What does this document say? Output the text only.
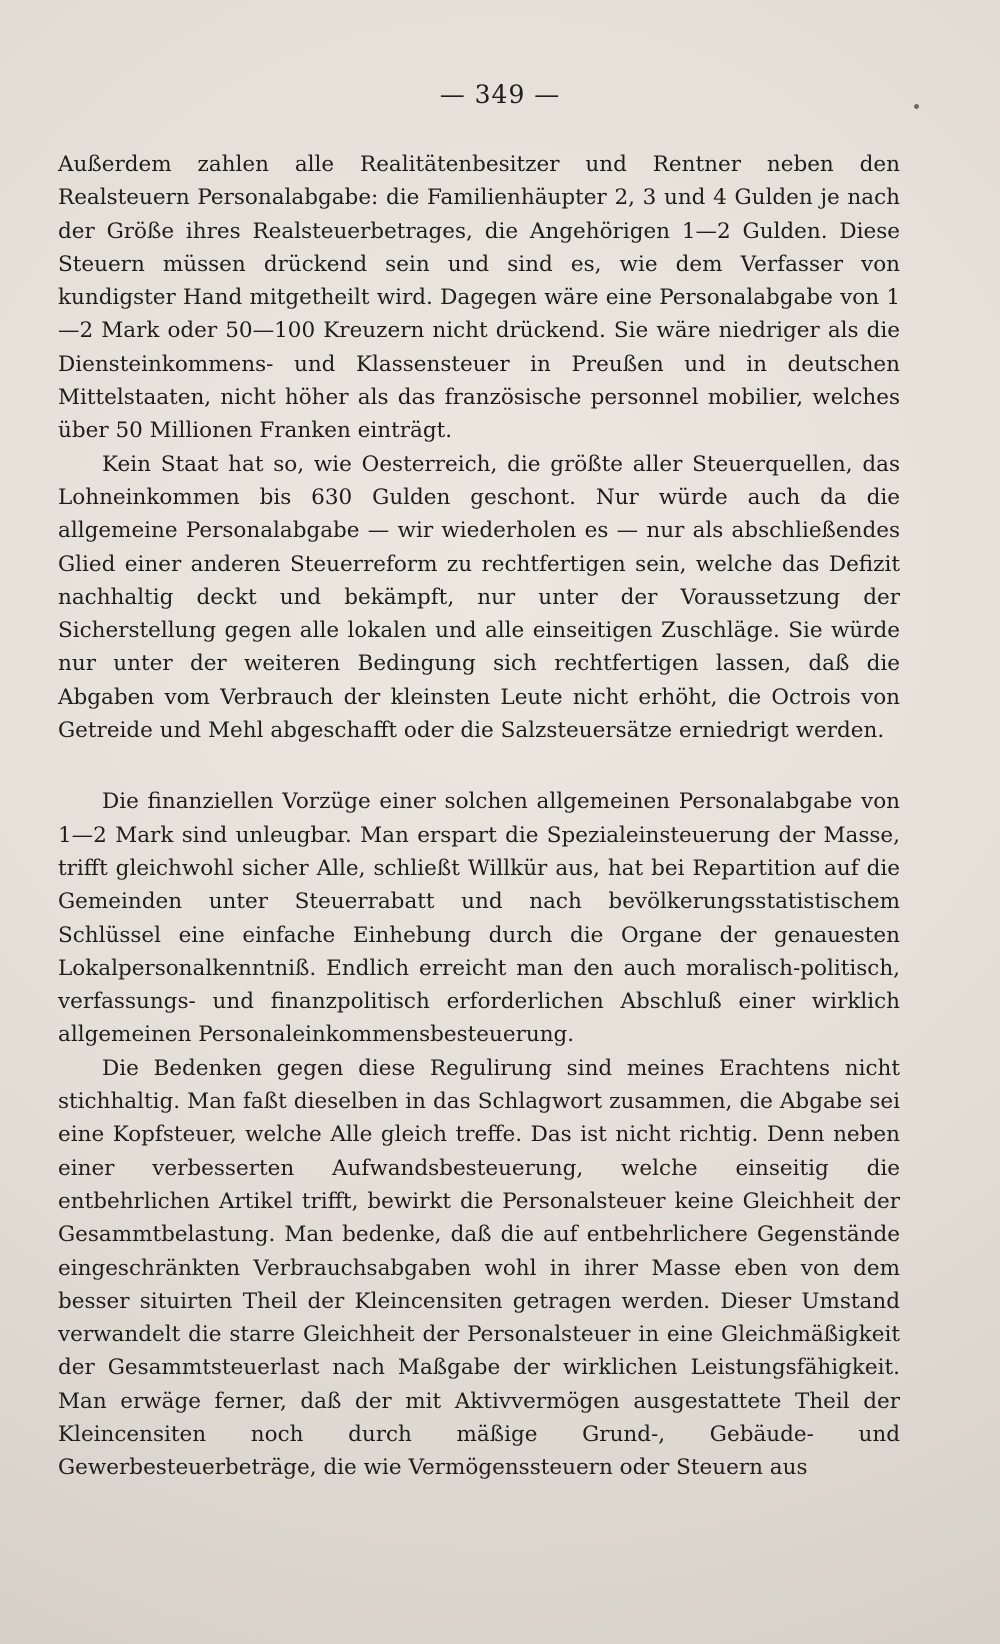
— 349 —

Außerdem zahlen alle Realitätenbesitzer und Rentner neben den Realsteuern Personalabgabe: die Familienhäupter 2, 3 und 4 Gulden je nach der Größe ihres Realsteuerbetrages, die Angehörigen 1—2 Gulden. Diese Steuern müssen drückend sein und sind es, wie dem Verfasser von kundigster Hand mitgetheilt wird. Dagegen wäre eine Personalabgabe von 1—2 Mark oder 50—100 Kreuzern nicht drückend. Sie wäre niedriger als die Diensteinkommens- und Klassensteuer in Preußen und in deutschen Mittelstaaten, nicht höher als das französische personnel mobilier, welches über 50 Millionen Franken einträgt.

Kein Staat hat so, wie Oesterreich, die größte aller Steuerquellen, das Lohneinkommen bis 630 Gulden geschont. Nur würde auch da die allgemeine Personalabgabe — wir wiederholen es — nur als abschließendes Glied einer anderen Steuerreform zu rechtfertigen sein, welche das Defizit nachhaltig deckt und bekämpft, nur unter der Voraussetzung der Sicherstellung gegen alle lokalen und alle einseitigen Zuschläge. Sie würde nur unter der weiteren Bedingung sich rechtfertigen lassen, daß die Abgaben vom Verbrauch der kleinsten Leute nicht erhöht, die Octrois von Getreide und Mehl abgeschafft oder die Salzsteuersätze erniedrigt werden.

Die finanziellen Vorzüge einer solchen allgemeinen Personalabgabe von 1—2 Mark sind unleugbar. Man erspart die Spezialeinsteuerung der Masse, trifft gleichwohl sicher Alle, schließt Willkür aus, hat bei Repartition auf die Gemeinden unter Steuerrabatt und nach bevölkerungsstatistischem Schlüssel eine einfache Einhebung durch die Organe der genauesten Lokalpersonalkenntniß. Endlich erreicht man den auch moralisch-politisch, verfassungs- und finanzpolitisch erforderlichen Abschluß einer wirklich allgemeinen Personaleinkommensbesteuerung.

Die Bedenken gegen diese Regulirung sind meines Erachtens nicht stichhaltig. Man faßt dieselben in das Schlagwort zusammen, die Abgabe sei eine Kopfsteuer, welche Alle gleich treffe. Das ist nicht richtig. Denn neben einer verbesserten Aufwandsbesteuerung, welche einseitig die entbehrlichen Artikel trifft, bewirkt die Personalsteuer keine Gleichheit der Gesammtbelastung. Man bedenke, daß die auf entbehrlichere Gegenstände eingeschränkten Verbrauchsabgaben wohl in ihrer Masse eben von dem besser situirten Theil der Kleincensiten getragen werden. Dieser Umstand verwandelt die starre Gleichheit der Personalsteuer in eine Gleichmäßigkeit der Gesammtsteuerlast nach Maßgabe der wirklichen Leistungsfähigkeit. Man erwäge ferner, daß der mit Aktivvermögen ausgestattete Theil der Kleincensiten noch durch mäßige Grund-, Gebäude- und Gewerbesteuerbeträge, die wie Vermögenssteuern oder Steuern aus
